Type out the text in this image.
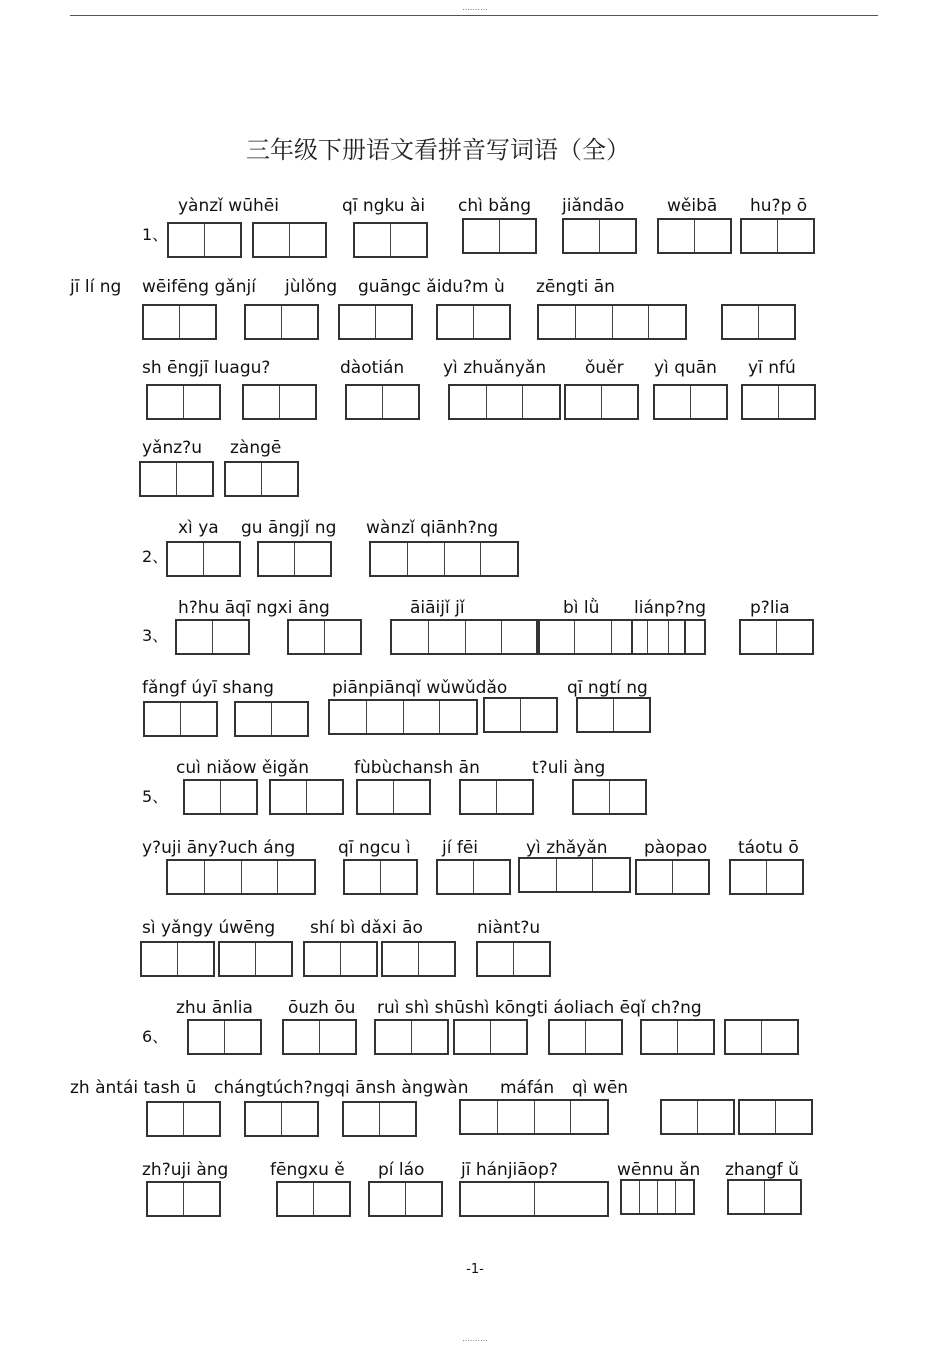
..........
三年级下册语文看拼音写词语（全）
yànzǐ wūhēi	qī ngku ài chì bǎng jiǎndāo	wěibā hu?p ō
1、
jī lí ng wēifēng gǎnjí jùlǒng guāngc ǎidu?m ù zēngti ān
sh ēngjī luagu?	dàotián yì zhuǎnyǎn ǒuěr yì quān yī nfú
yǎnz?u zàngē
xì ya gu āngjǐ ng wànzǐ qiānh?ng
2、
h?hu āqī ngxi āng	āiāijǐ jǐ	bì lǜ liánp?ng	p?lia
3、
fǎngf úyī shang	piānpiānqǐ wǔwǔdǎo	qī ngtí ng
cuì niǎow ěigǎn	fùbùchansh ān	t?uli àng
5、
y?uji āny?uch áng	qī ngcu ì jí fēi	yì zhǎyǎn pàopao táotu ō
sì yǎngy úwēng shí bì dǎxi āo	niànt?u
zhu ānlia ōuzh ōu ruì shì shūshì kōngti áoliach ēqǐ ch?ng
6、
zh àntái tash ū chángtúch?ngqi ānsh àngwàn máfán qì wēn
zh?uji àng fēngxu ě pí láo jī hánjiāop?	wēnnu ǎn zhangf ǔ
-1-
..........
